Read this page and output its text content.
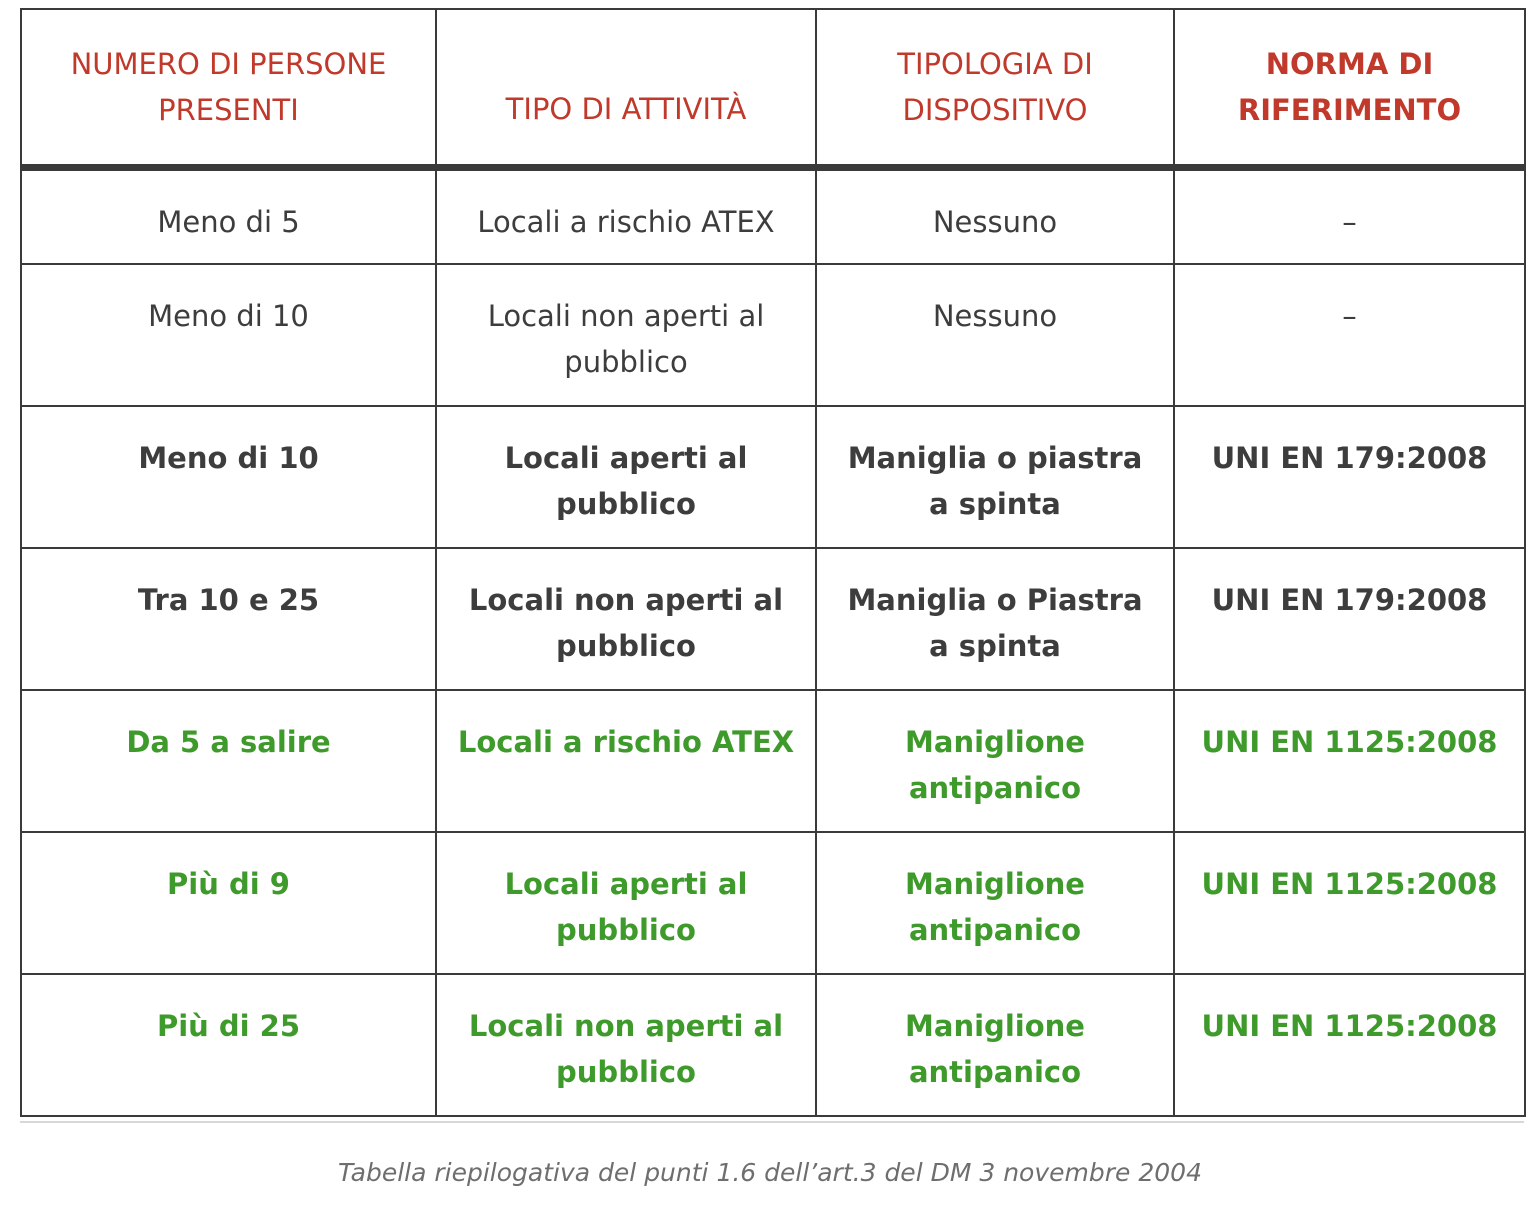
NUMERO DI PERSONE PRESENTI	TIPO DI ATTIVITÀ	TIPOLOGIA DI DISPOSITIVO	NORMA DI RIFERIMENTO
Meno di 5	Locali a rischio ATEX	Nessuno	–
Meno di 10	Locali non aperti al pubblico	Nessuno	–
Meno di 10	Locali aperti al pubblico	Maniglia o piastra a spinta	UNI EN 179:2008
Tra 10 e 25	Locali non aperti al pubblico	Maniglia o Piastra a spinta	UNI EN 179:2008
Da 5 a salire	Locali a rischio ATEX	Maniglione antipanico	UNI EN 1125:2008
Più di 9	Locali aperti al pubblico	Maniglione antipanico	UNI EN 1125:2008
Più di 25	Locali non aperti al pubblico	Maniglione antipanico	UNI EN 1125:2008
Tabella riepilogativa del punti 1.6 dell’art.3 del DM 3 novembre 2004
